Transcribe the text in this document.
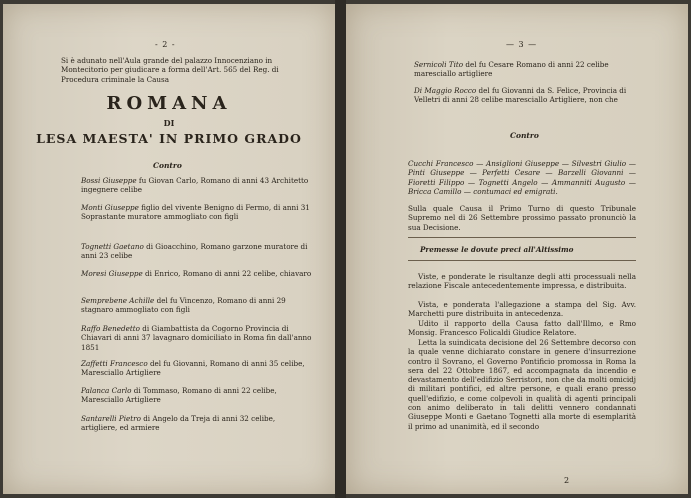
- 2 -
Si è adunato nell'Aula grande del palazzo Innocenziano in Montecitorio per giudicare a forma dell'Art. 565 del Reg. di Procedura criminale la Causa
ROMANA
DI
LESA MAESTA' IN PRIMO GRADO
Contro
Bossi Giuseppe fu Giovan Carlo, Romano di anni 43 Architetto ingegnere celibe
Monti Giuseppe figlio del vivente Benigno di Fermo, di anni 31 Soprastante muratore ammogliato con figli
Tognetti Gaetano di Gioacchino, Romano garzone muratore di anni 23 celibe
Moresi Giuseppe di Enrico, Romano di anni 22 celibe, chiavaro
Semprebene Achille del fu Vincenzo, Romano di anni 29 stagnaro ammogliato con figli
Raffo Benedetto di Giambattista da Cogorno Provincia di Chiavari di anni 37 lavagnaro domiciliato in Roma fin dall'anno 1851
Zaffetti Francesco del fu Giovanni, Romano di anni 35 celibe, Maresciallo Artigliere
Palanca Carlo di Tommaso, Romano di anni 22 celibe, Maresciallo Artigliere
Santarelli Pietro di Angelo da Treja di anni 32 celibe, artigliere, ed armiere
— 3 —
Sernicoli Tito del fu Cesare Romano di anni 22 celibe maresciallo artigliere
Di Maggio Rocco del fu Giovanni da S. Felice, Provincia di Velletri di anni 28 celibe maresciallo Artigliere, non che
Contro
Cucchi Francesco — Ansiglioni Giuseppe — Silvestri Giulio — Pinti Giuseppe — Perfetti Cesare — Barzelli Giovanni — Fioretti Filippo — Tognetti Angelo — Ammanniti Augusto — Bricca Camillo — contumaci ed emigrati.
Sulla quale Causa il Primo Turno di questo Tribunale Supremo nel di 26 Settembre prossimo passato pronunciò la sua Decisione.
Premesse le dovute preci all'Altissimo
Viste, e ponderate le risultanze degli atti processuali nella relazione Fiscale antecedentemente impressa, e distribuita.
Vista, e ponderata l'allegazione a stampa del Sig. Avv. Marchetti pure distribuita in antecedenza.
Udito il rapporto della Causa fatto dall'Illmo, e Rmo Monsig. Francesco Folicaldi Giudice Relatore.
Letta la suindicata decisione del 26 Settembre decorso con la quale venne dichiarato constare in genere d'insurrezione contro il Sovrano, el Governo Pontificio promossa in Roma la sera del 22 Ottobre 1867, ed accompagnata da incendio e devastamento dell'edifizio Serristori, non che da molti omicidj di militari pontifici, ed altre persone, e quali erano presso quell'edifizio, e come colpevoli in qualità di agenti principali con animo deliberato in tali delitti vennero condannati Giuseppe Monti e Gaetano Tognetti alla morte di esemplarità il primo ad unanimità, ed il secondo
2
